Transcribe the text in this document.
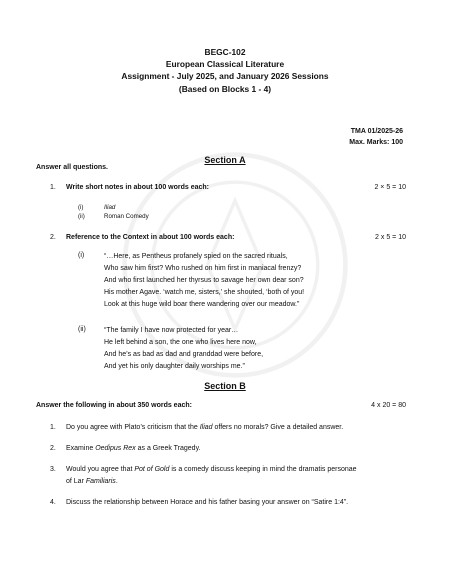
BEGC-102
European Classical Literature
Assignment - July 2025, and January 2026 Sessions
(Based on Blocks 1 - 4)
TMA 01/2025-26
Max. Marks: 100
Answer all questions.
Section A
1. Write short notes in about 100 words each:	2 × 5 = 10
(i)	Iliad
(ii)	Roman Comedy
2. Reference to the Context in about 100 words each:	2 x 5 = 10
(i)	“…Here, as Pentheus profanely spied on the sacred rituals,
Who saw him first? Who rushed on him first in maniacal frenzy?
And who first launched her thyrsus to savage her own dear son?
His mother Agave. ‘watch me, sisters,’ she shouted, ‘both of you!
Look at this huge wild boar there wandering over our meadow.”
(ii)	“The family I have now protected for year…
He left behind a son, the one who lives here now,
And he’s as bad as dad and granddad were before,
And yet his only daughter daily worships me.”
Section B
Answer the following in about 350 words each:	4 x 20 = 80
1. Do you agree with Plato’s criticism that the Iliad offers no morals? Give a detailed answer.
2. Examine Oedipus Rex as a Greek Tragedy.
3. Would you agree that Pot of Gold is a comedy discuss keeping in mind the dramatis personae
of Lar Familiaris.
4. Discuss the relationship between Horace and his father basing your answer on “Satire 1:4”.
